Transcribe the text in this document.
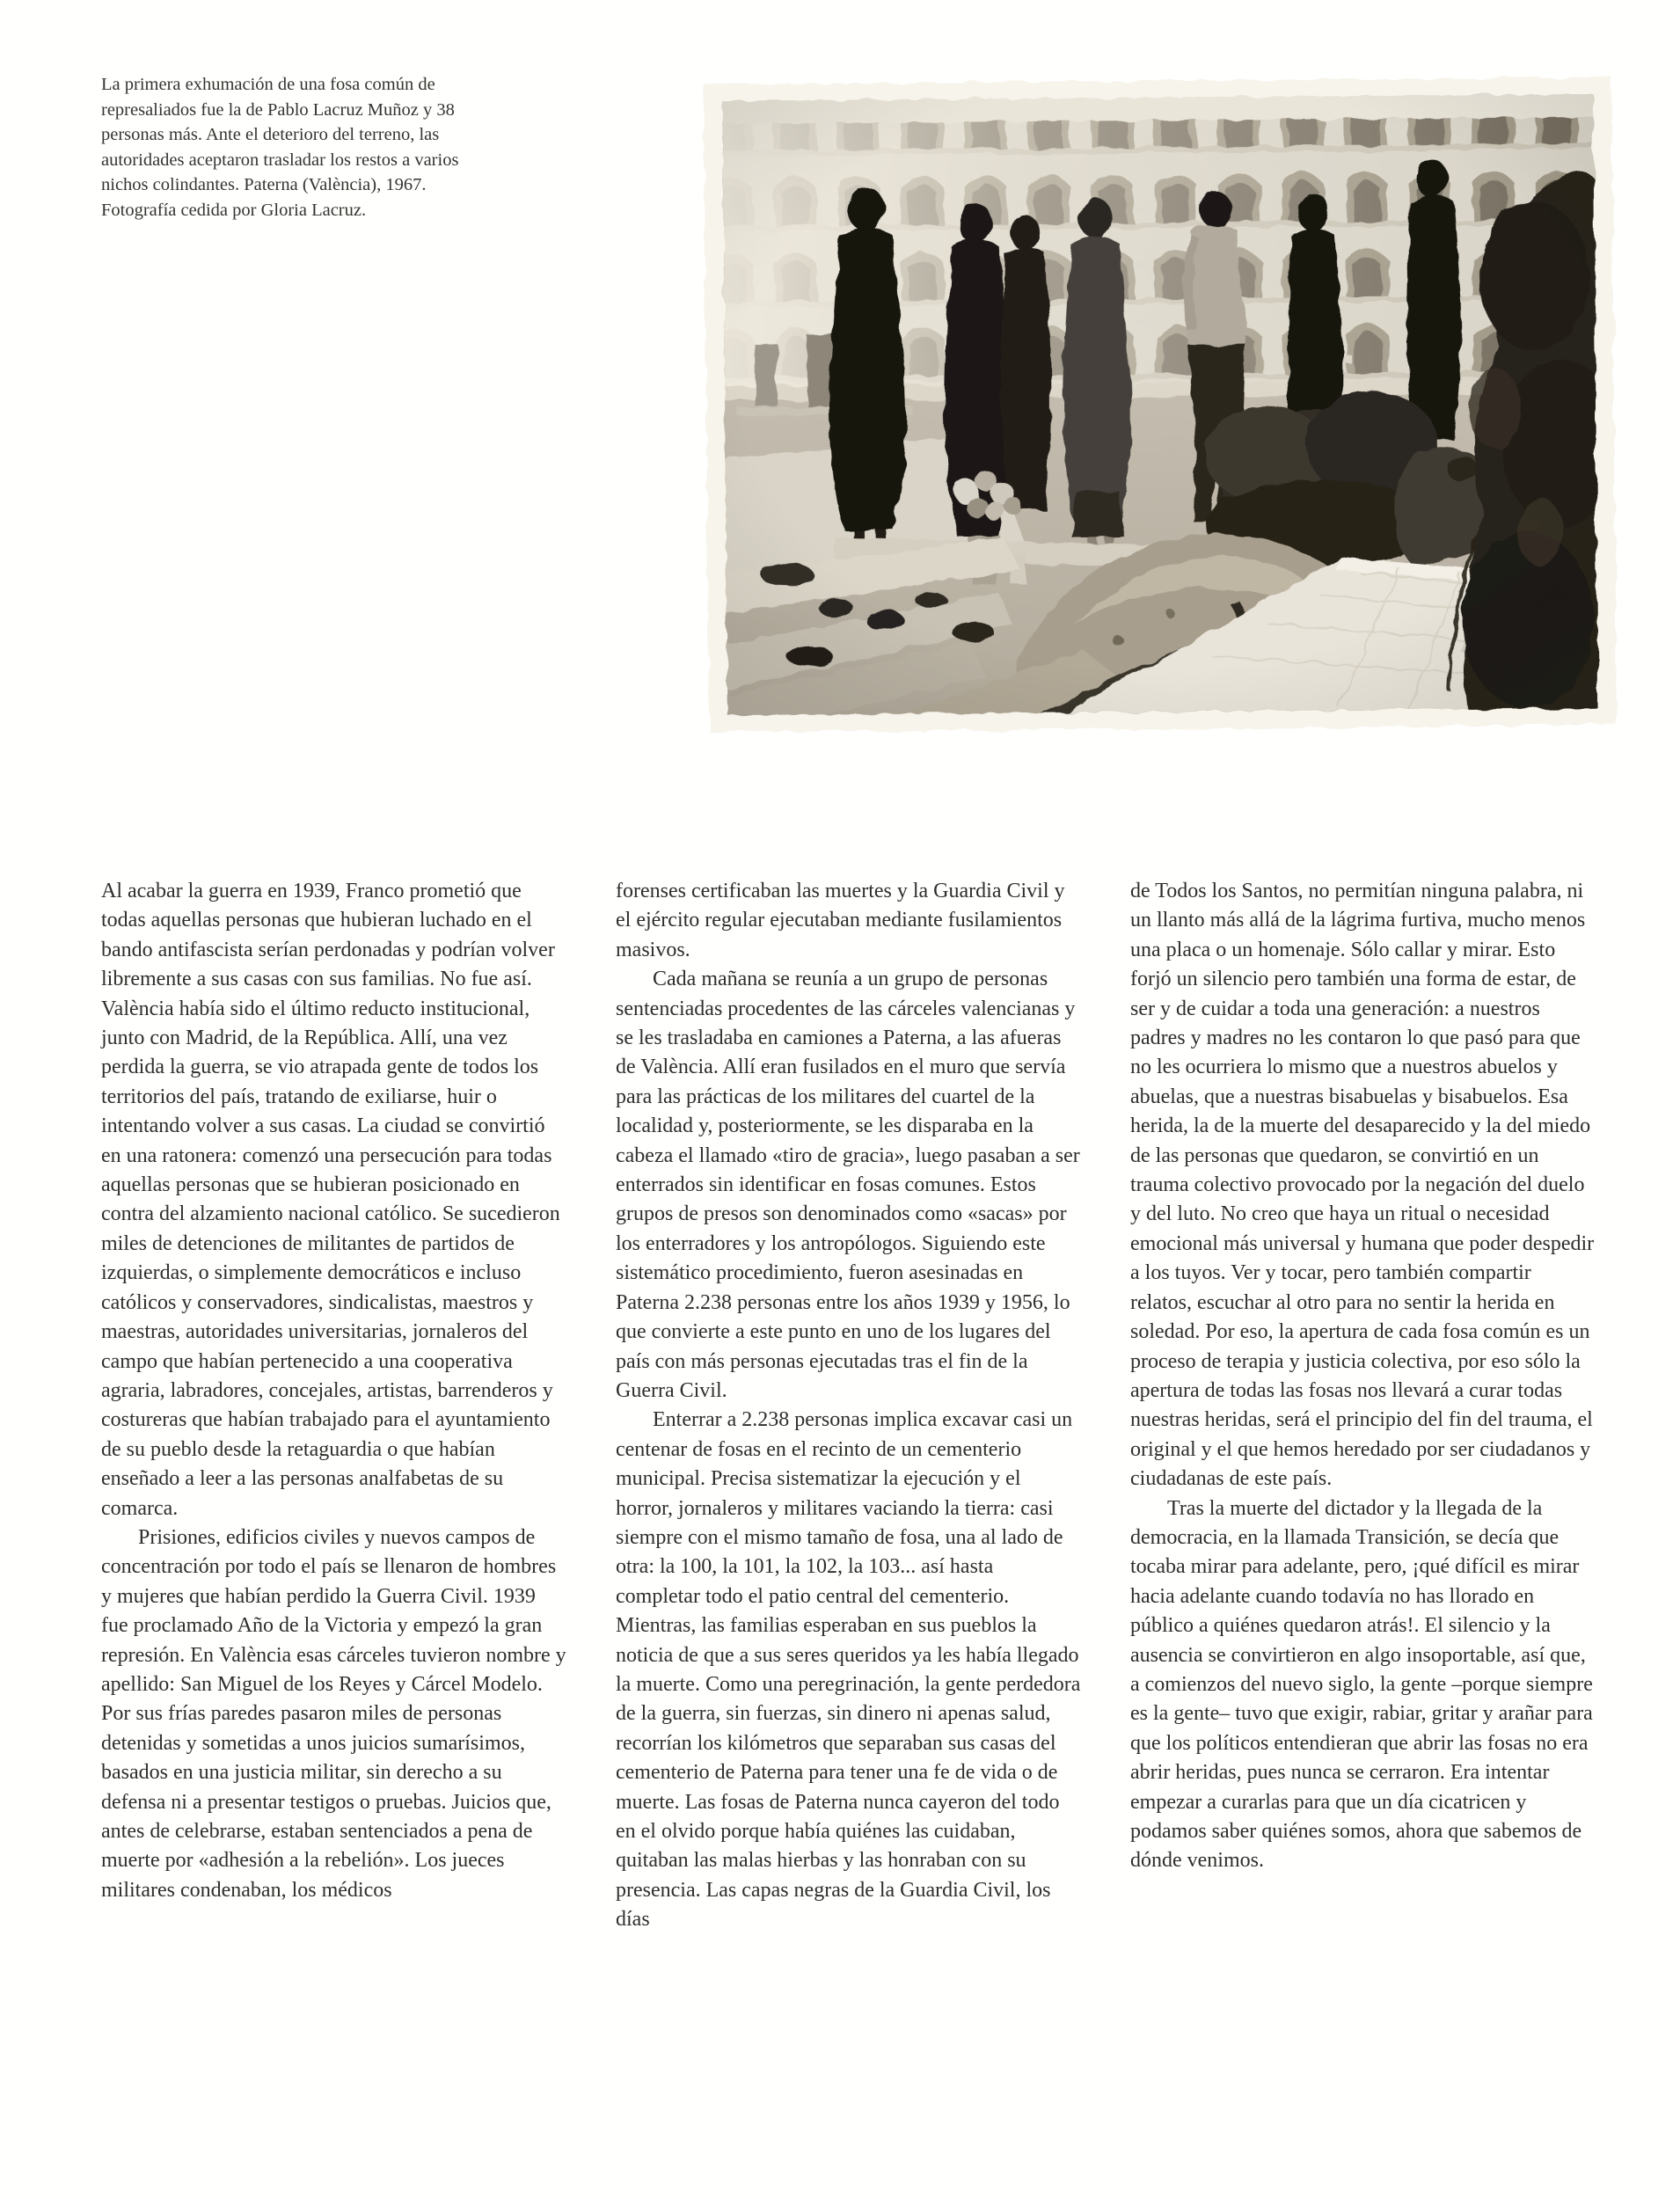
La primera exhumación de una fosa común de represaliados fue la de Pablo Lacruz Muñoz y 38 personas más. Ante el deterioro del terreno, las autoridades aceptaron trasladar los restos a varios nichos colindantes. Paterna (València), 1967. Fotografía cedida por Gloria Lacruz.

Al acabar la guerra en 1939, Franco prometió que todas aquellas personas que hubieran luchado en el bando antifascista serían perdonadas y podrían volver libremente a sus casas con sus familias. No fue así. València había sido el último reducto institucional, junto con Madrid, de la República. Allí, una vez perdida la guerra, se vio atrapada gente de todos los territorios del país, tratando de exiliarse, huir o intentando volver a sus casas. La ciudad se convirtió en una ratonera: comenzó una persecución para todas aquellas personas que se hubieran posicionado en contra del alzamiento nacional católico. Se sucedieron miles de detenciones de militantes de partidos de izquierdas, o simplemente democráticos e incluso católicos y conservadores, sindicalistas, maestros y maestras, autoridades universitarias, jornaleros del campo que habían pertenecido a una cooperativa agraria, labradores, concejales, artistas, barrenderos y costureras que habían trabajado para el ayuntamiento de su pueblo desde la retaguardia o que habían enseñado a leer a las personas analfabetas de su comarca.

Prisiones, edificios civiles y nuevos campos de concentración por todo el país se llenaron de hombres y mujeres que habían perdido la Guerra Civil. 1939 fue proclamado Año de la Victoria y empezó la gran represión. En València esas cárceles tuvieron nombre y apellido: San Miguel de los Reyes y Cárcel Modelo. Por sus frías paredes pasaron miles de personas detenidas y sometidas a unos juicios sumarísimos, basados en una justicia militar, sin derecho a su defensa ni a presentar testigos o pruebas. Juicios que, antes de celebrarse, estaban sentenciados a pena de muerte por «adhesión a la rebelión». Los jueces militares condenaban, los médicos

forenses certificaban las muertes y la Guardia Civil y el ejército regular ejecutaban mediante fusilamientos masivos.

Cada mañana se reunía a un grupo de personas sentenciadas procedentes de las cárceles valencianas y se les trasladaba en camiones a Paterna, a las afueras de València. Allí eran fusilados en el muro que servía para las prácticas de los militares del cuartel de la localidad y, posteriormente, se les disparaba en la cabeza el llamado «tiro de gracia», luego pasaban a ser enterrados sin identificar en fosas comunes. Estos grupos de presos son denominados como «sacas» por los enterradores y los antropólogos. Siguiendo este sistemático procedimiento, fueron asesinadas en Paterna 2.238 personas entre los años 1939 y 1956, lo que convierte a este punto en uno de los lugares del país con más personas ejecutadas tras el fin de la Guerra Civil.

Enterrar a 2.238 personas implica excavar casi un centenar de fosas en el recinto de un cementerio municipal. Precisa sistematizar la ejecución y el horror, jornaleros y militares vaciando la tierra: casi siempre con el mismo tamaño de fosa, una al lado de otra: la 100, la 101, la 102, la 103... así hasta completar todo el patio central del cementerio. Mientras, las familias esperaban en sus pueblos la noticia de que a sus seres queridos ya les había llegado la muerte. Como una peregrinación, la gente perdedora de la guerra, sin fuerzas, sin dinero ni apenas salud, recorrían los kilómetros que separaban sus casas del cementerio de Paterna para tener una fe de vida o de muerte. Las fosas de Paterna nunca cayeron del todo en el olvido porque había quiénes las cuidaban, quitaban las malas hierbas y las honraban con su presencia. Las capas negras de la Guardia Civil, los días

de Todos los Santos, no permitían ninguna palabra, ni un llanto más allá de la lágrima furtiva, mucho menos una placa o un homenaje. Sólo callar y mirar. Esto forjó un silencio pero también una forma de estar, de ser y de cuidar a toda una generación: a nuestros padres y madres no les contaron lo que pasó para que no les ocurriera lo mismo que a nuestros abuelos y abuelas, que a nuestras bisabuelas y bisabuelos. Esa herida, la de la muerte del desaparecido y la del miedo de las personas que quedaron, se convirtió en un trauma colectivo provocado por la negación del duelo y del luto. No creo que haya un ritual o necesidad emocional más universal y humana que poder despedir a los tuyos. Ver y tocar, pero también compartir relatos, escuchar al otro para no sentir la herida en soledad. Por eso, la apertura de cada fosa común es un proceso de terapia y justicia colectiva, por eso sólo la apertura de todas las fosas nos llevará a curar todas nuestras heridas, será el principio del fin del trauma, el original y el que hemos heredado por ser ciudadanos y ciudadanas de este país.

Tras la muerte del dictador y la llegada de la democracia, en la llamada Transición, se decía que tocaba mirar para adelante, pero, ¡qué difícil es mirar hacia adelante cuando todavía no has llorado en público a quiénes quedaron atrás!. El silencio y la ausencia se convirtieron en algo insoportable, así que, a comienzos del nuevo siglo, la gente –porque siempre es la gente– tuvo que exigir, rabiar, gritar y arañar para que los políticos entendieran que abrir las fosas no era abrir heridas, pues nunca se cerraron. Era intentar empezar a curarlas para que un día cicatricen y podamos saber quiénes somos, ahora que sabemos de dónde venimos.
